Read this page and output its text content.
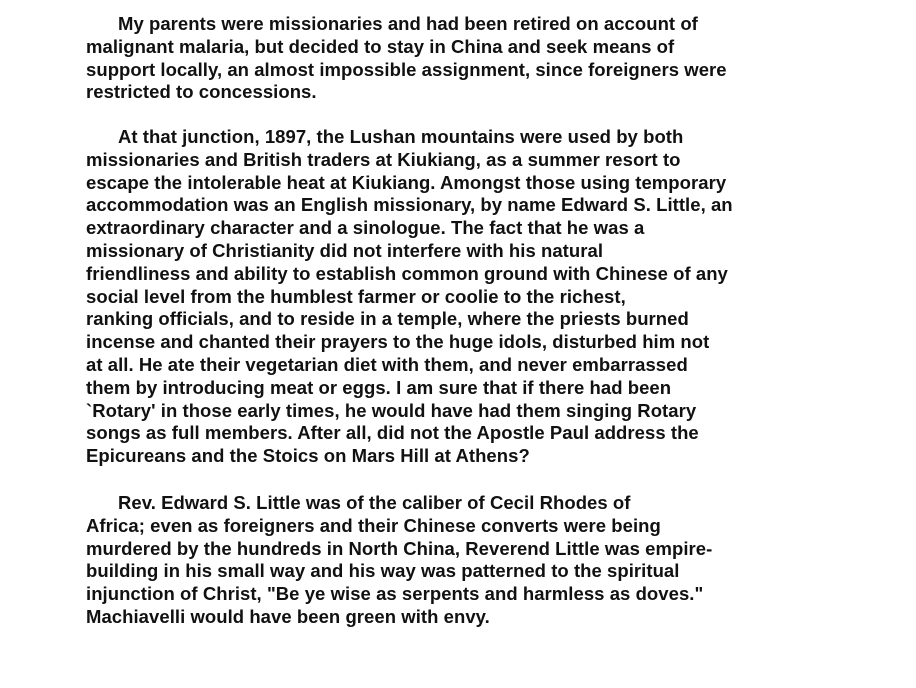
My parents were missionaries and had been retired on account of
malignant malaria, but decided to stay in China and seek means of
support locally, an almost impossible assignment, since foreigners were
restricted to concessions.
At that junction, 1897, the Lushan mountains were used by both
missionaries and British traders at Kiukiang, as a summer resort to
escape the intolerable heat at Kiukiang. Amongst those using temporary
accommodation was an English missionary, by name Edward S. Little, an
extraordinary character and a sinologue. The fact that he was a
missionary of Christianity did not interfere with his natural
friendliness and ability to establish common ground with Chinese of any
social level from the humblest farmer or coolie to the richest,
ranking officials, and to reside in a temple, where the priests burned
incense and chanted their prayers to the huge idols, disturbed him not
at all. He ate their vegetarian diet with them, and never embarrassed
them by introducing meat or eggs. I am sure that if there had been
`Rotary' in those early times, he would have had them singing Rotary
songs as full members. After all, did not the Apostle Paul address the
Epicureans and the Stoics on Mars Hill at Athens?
Rev. Edward S. Little was of the caliber of Cecil Rhodes of
Africa; even as foreigners and their Chinese converts were being
murdered by the hundreds in North China, Reverend Little was empire-
building in his small way and his way was patterned to the spiritual
injunction of Christ, "Be ye wise as serpents and harmless as doves."
Machiavelli would have been green with envy.
